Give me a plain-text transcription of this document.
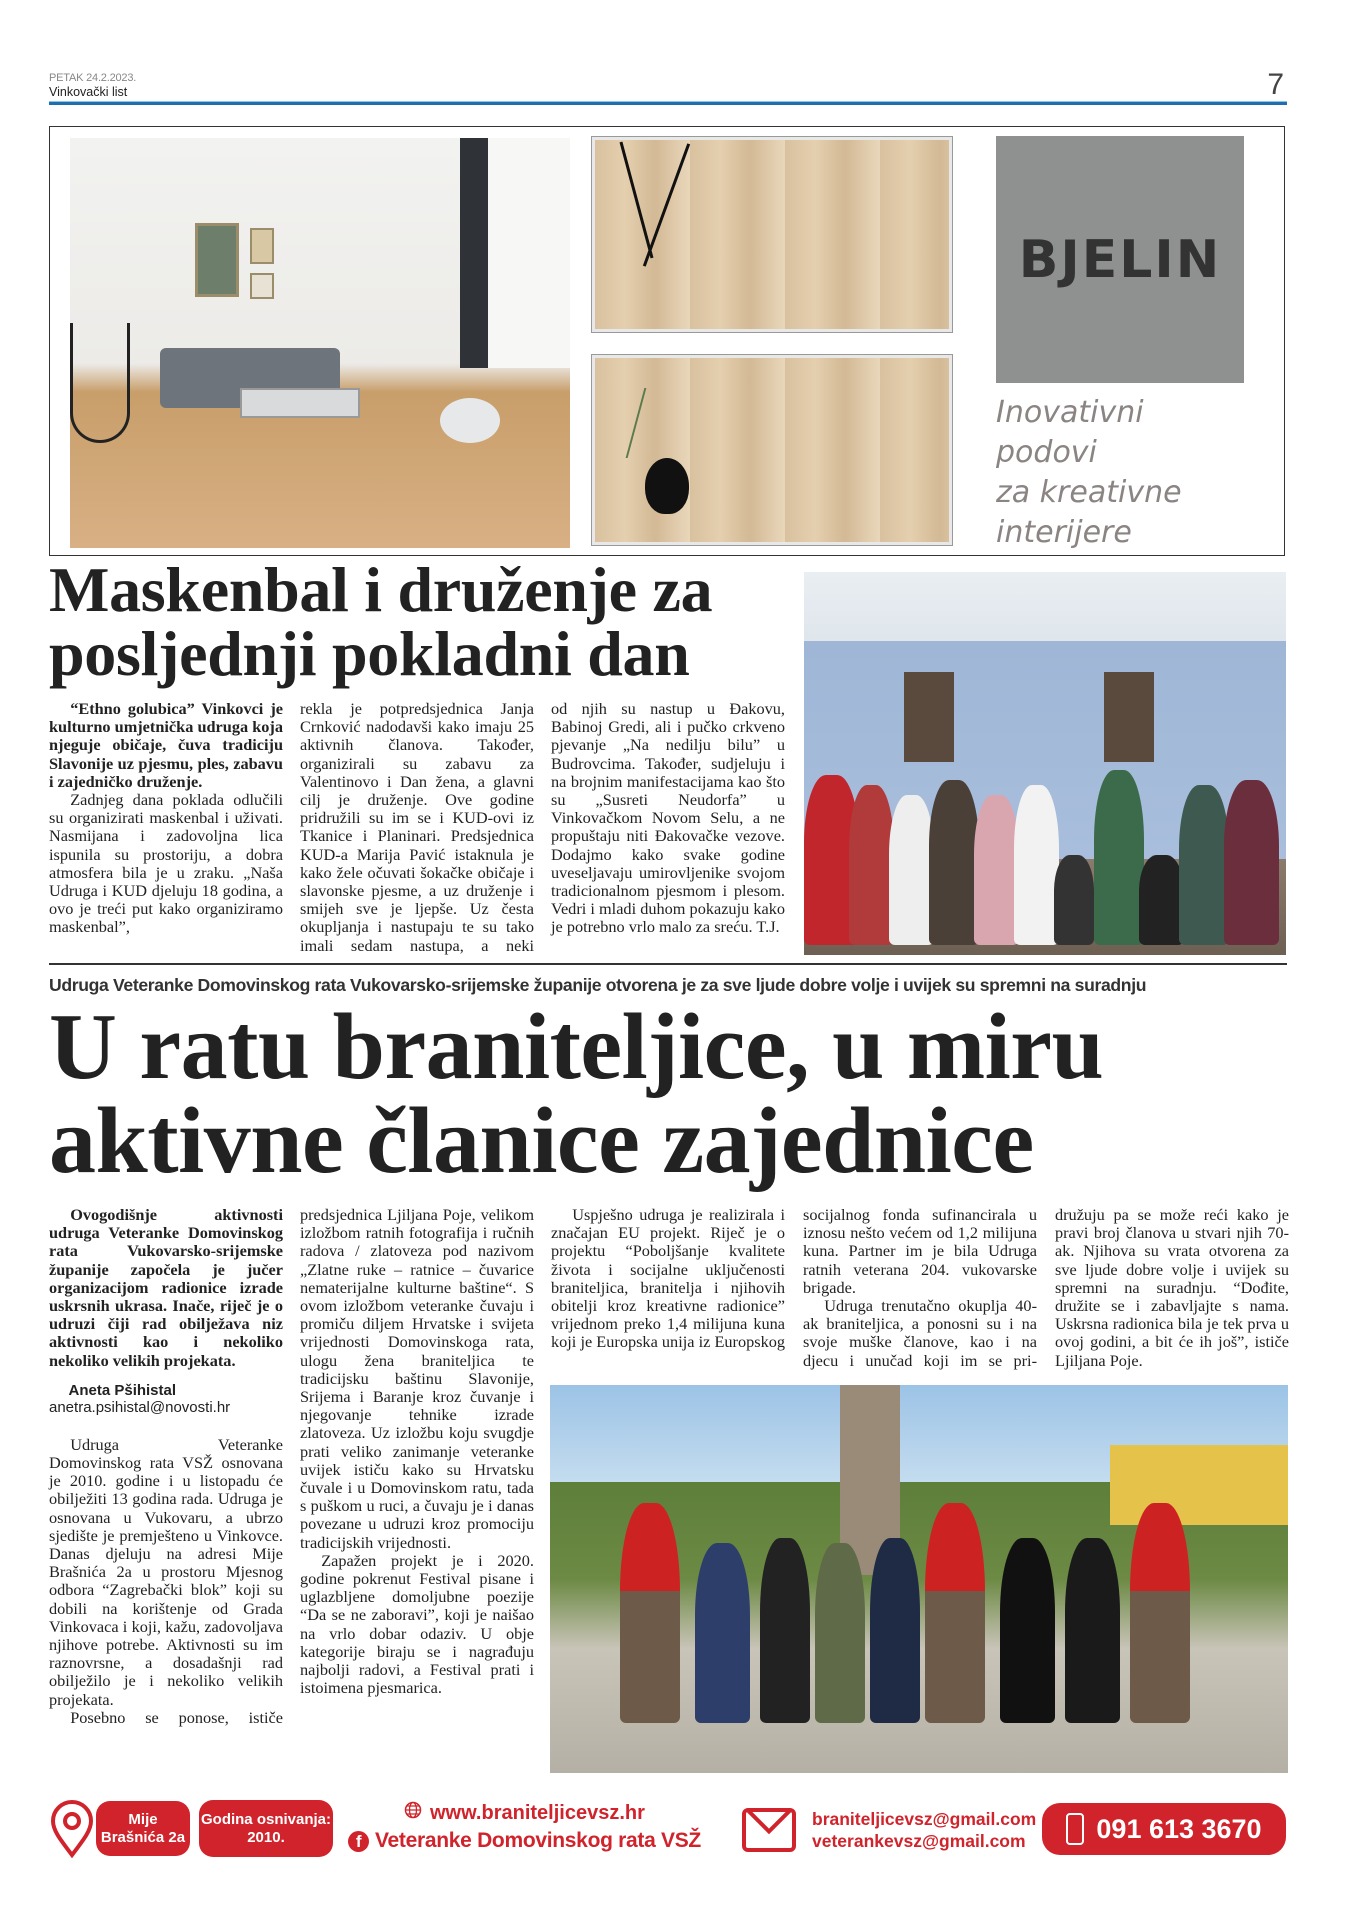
PETAK 24.2.2023.
Vinkovački list	7
BJELIN
Inovativni
podovi
za kreativne
interijere
Maskenbal i druženje za
posljednji pokladni dan

“Ethno golubica” Vinkovci je kulturno umjetnička udruga koja njeguje običaje, čuva tradiciju Slavonije uz pjesmu, ples, zabavu i zajedničko druženje.

Zadnjeg dana poklada odlučili su organizirati maskenbal i uživati. Nasmijana i zadovoljna lica ispunila su prostoriju, a dobra atmosfera bila je u zraku. „Naša Udruga i KUD djeluju 18 godina, a ovo je treći put kako organiziramo maskenbal”,

rekla je potpredsjednica Janja Crnković nadodavši kako imaju 25 aktivnih članova. Također, organizirali su zabavu za Valentinovo i Dan žena, a glavni cilj je druženje. Ove godine pridružili su im se i KUD-ovi iz Tkanice i Planinari. Predsjednica KUD-a Marija Pavić istaknula je kako žele očuvati šokačke običaje i slavonske pjesme, a uz druženje i smijeh sve je ljepše. Uz česta okupljanja i nastupaju te su tako imali sedam nastupa, a neki

od njih su nastup u Đakovu, Babinoj Gredi, ali i pučko crkveno pjevanje „Na nedilju bilu” u Budrovcima. Također, sudjeluju i na brojnim manifestacijama kao što su „Susreti Neudorfa” u Vinkovačkom Novom Selu, a ne propuštaju niti Đakovačke vezove. Dodajmo kako svake godine uveseljavaju umirovljenike svojom tradicionalnom pjesmom i plesom. Vedri i mladi duhom pokazuju kako je potrebno vrlo malo za sreću. T.J.

Udruga Veteranke Domovinskog rata Vukovarsko-srijemske županije otvorena je za sve ljude dobre volje i uvijek su spremni na suradnju
U ratu braniteljice, u miru
aktivne članice zajednice

Ovogodišnje aktivnosti udruga Veteranke Domovinskog rata Vukovarsko-srijemske županije započela je jučer organizacijom radionice izrade uskrsnih ukrasa. Inače, riječ je o udruzi čiji rad obilježava niz aktivnosti kao i nekoliko nekoliko velikih projekata.

Aneta Pšihistal

anetra.psihistal@novosti.hr

Udruga Veteranke Domovinskog rata VSŽ osnovana je 2010. godine i u listopadu će obilježiti 13 godina rada. Udruga je osnovana u Vukovaru, a ubrzo sjedište je premješteno u Vinkovce. Danas djeluju na adresi Mije Brašnića 2a u prostoru Mjesnog odbora “Zagrebački blok” koji su dobili na korištenje od Grada Vinkovaca i koji, kažu, zadovoljava njihove potrebe. Aktivnosti su im raznovrsne, a dosadašnji rad obilježilo je i nekoliko velikih projekata.

Posebno se ponose, ističe

predsjednica Ljiljana Poje, velikom izložbom ratnih fotografija i ručnih radova / zlatoveza pod nazivom „Zlatne ruke – ratnice – čuvarice nematerijalne kulturne baštine“. S ovom izložbom veteranke čuvaju i promiču diljem Hrvatske i svijeta vrijednosti Domovinskoga rata, ulogu žena braniteljica te tradicijsku baštinu Slavonije, Srijema i Baranje kroz čuvanje i njegovanje tehnike izrade zlatoveza. Uz izložbu koju svugdje prati veliko zanimanje veteranke uvijek ističu kako su Hrvatsku čuvale i u Domovinskom ratu, tada s puškom u ruci, a čuvaju je i danas povezane u udruzi kroz promociju tradicijskih vrijednosti.

Zapažen projekt je i 2020. godine pokrenut Festival pisane i uglazbljene domoljubne poezije “Da se ne zaboravi”, koji je naišao na vrlo dobar odaziv. U obje kategorije biraju se i nagrađuju najbolji radovi, a Festival prati i istoimena pjesmarica.

Uspješno udruga je realizirala i značajan EU projekt. Riječ je o projektu “Poboljšanje kvalitete života i socijalne uključenosti braniteljica, branitelja i njihovih obitelji kroz kreativne radionice” vrijednom preko 1,4 milijuna kuna koji je Europska unija iz Europskog

socijalnog fonda sufinancirala u iznosu nešto većem od 1,2 milijuna kuna. Partner im je bila Udruga ratnih veterana 204. vukovarske brigade.

Udruga trenutačno okuplja 40-ak braniteljica, a ponosni su i na svoje muške članove, kao i na djecu i unučad koji im se pri-

družuju pa se može reći kako je pravi broj članova u stvari njih 70-ak. Njihova su vrata otvorena za sve ljude dobre volje i uvijek su spremni na suradnju. “Dođite, družite se i zabavljajte s nama. Uskrsna radionica bila je tek prva u ovoj godini, a bit će ih još”, ističe Ljiljana Poje.

Mije Brašnića 2a
Godina osnivanja: 2010.
www.braniteljicevsz.hr
f Veteranke Domovinskog rata VSŽ
braniteljicevsz@gmail.com
veterankevsz@gmail.com	091 613 3670
